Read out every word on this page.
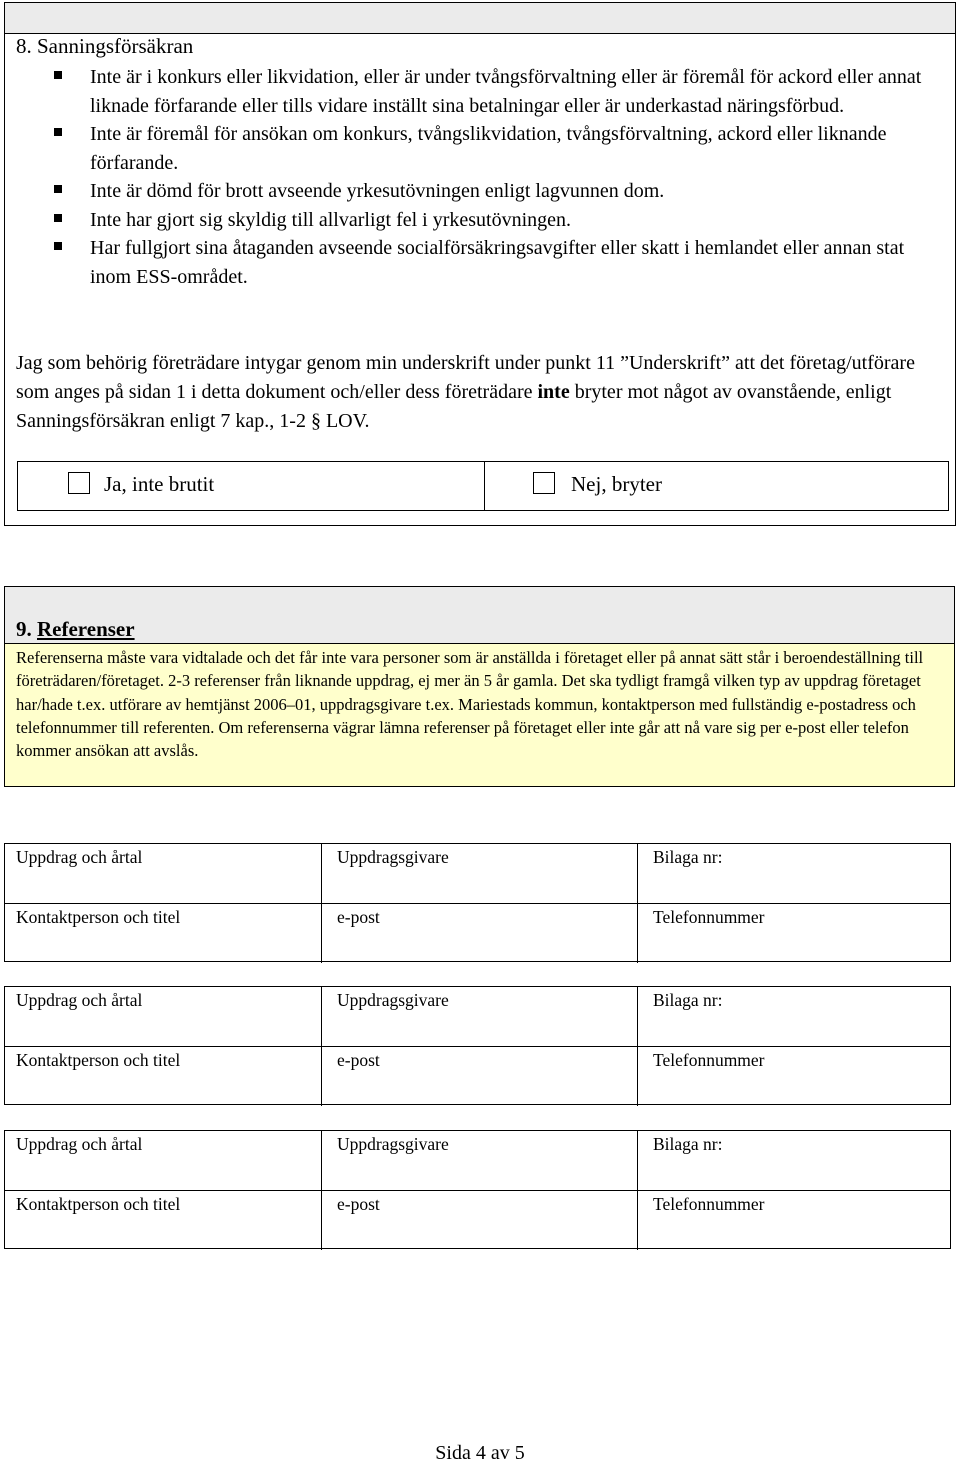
8. Sanningsförsäkran
Inte är i konkurs eller likvidation, eller är under tvångsförvaltning eller är föremål för ackord eller annat liknade förfarande eller tills vidare inställt sina betalningar eller är underkastad näringsförbud.
Inte är föremål för ansökan om konkurs, tvångslikvidation, tvångsförvaltning, ackord eller liknande förfarande.
Inte är dömd för brott avseende yrkesutövningen enligt lagvunnen dom.
Inte har gjort sig skyldig till allvarligt fel i yrkesutövningen.
Har fullgjort sina åtaganden avseende socialförsäkringsavgifter eller skatt i hemlandet eller annan stat inom ESS-området.
Jag som behörig företrädare intygar genom min underskrift under punkt 11 ”Underskrift” att det företag/utförare som anges på sidan 1 i detta dokument och/eller dess företrädare inte bryter mot något av ovanstående, enligt Sanningsförsäkran enligt 7 kap., 1-2 § LOV.
Ja, inte brutit	Nej, bryter
9. Referenser
Referenserna måste vara vidtalade och det får inte vara personer som är anställda i företaget eller på annat sätt står i beroendeställning till företrädaren/företaget. 2-3 referenser från liknande uppdrag, ej mer än 5 år gamla. Det ska tydligt framgå vilken typ av uppdrag företaget har/hade t.ex. utförare av hemtjänst 2006–01, uppdragsgivare t.ex. Mariestads kommun, kontaktperson med fullständig e-postadress och telefonnummer till referenten. Om referenserna vägrar lämna referenser på företaget eller inte går att nå vare sig per e-post eller telefon kommer ansökan att avslås.
Uppdrag och årtal	Uppdragsgivare	Bilaga nr:
Kontaktperson och titel	e-post	Telefonnummer
Uppdrag och årtal	Uppdragsgivare	Bilaga nr:
Kontaktperson och titel	e-post	Telefonnummer
Uppdrag och årtal	Uppdragsgivare	Bilaga nr:
Kontaktperson och titel	e-post	Telefonnummer
Sida 4 av 5
